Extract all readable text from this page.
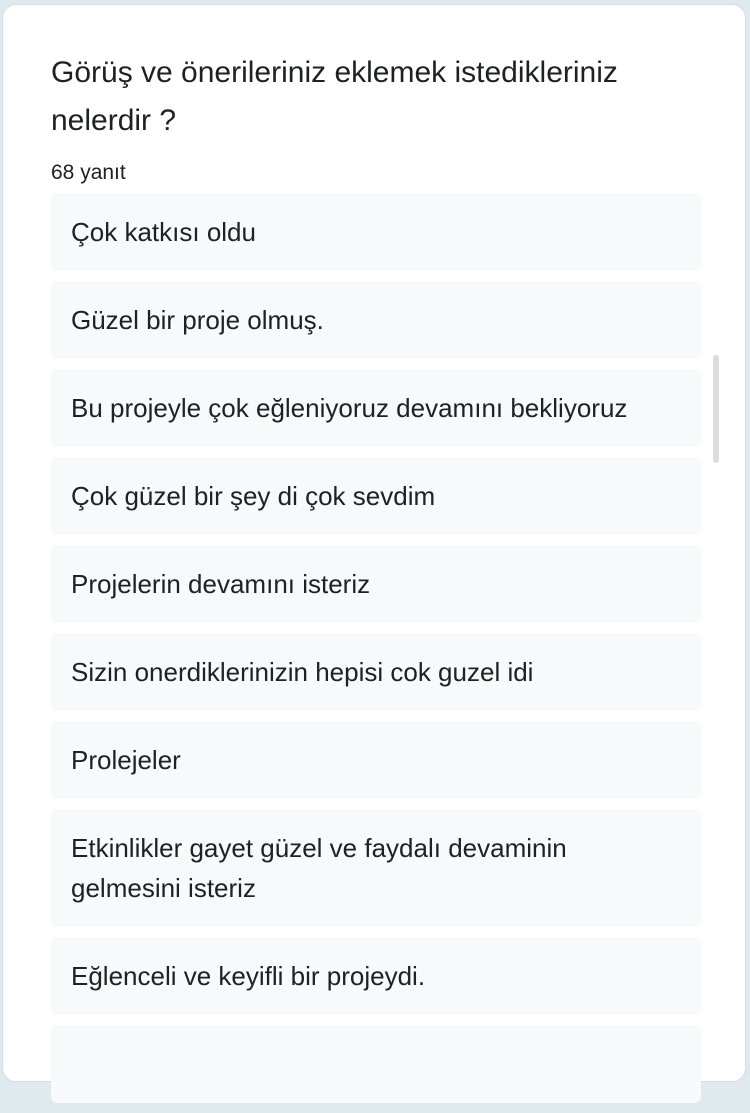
Görüş ve önerileriniz eklemek istedikleriniz nelerdir ?
68 yanıt
Çok katkısı oldu
Güzel bir proje olmuş.
Bu projeyle çok eğleniyoruz devamını bekliyoruz
Çok güzel bir şey di çok sevdim
Projelerin devamını isteriz
Sizin onerdiklerinizin hepisi cok guzel idi
Prolejeler
Etkinlikler gayet güzel ve faydalı devaminin gelmesini isteriz
Eğlenceli ve keyifli bir projeydi.
